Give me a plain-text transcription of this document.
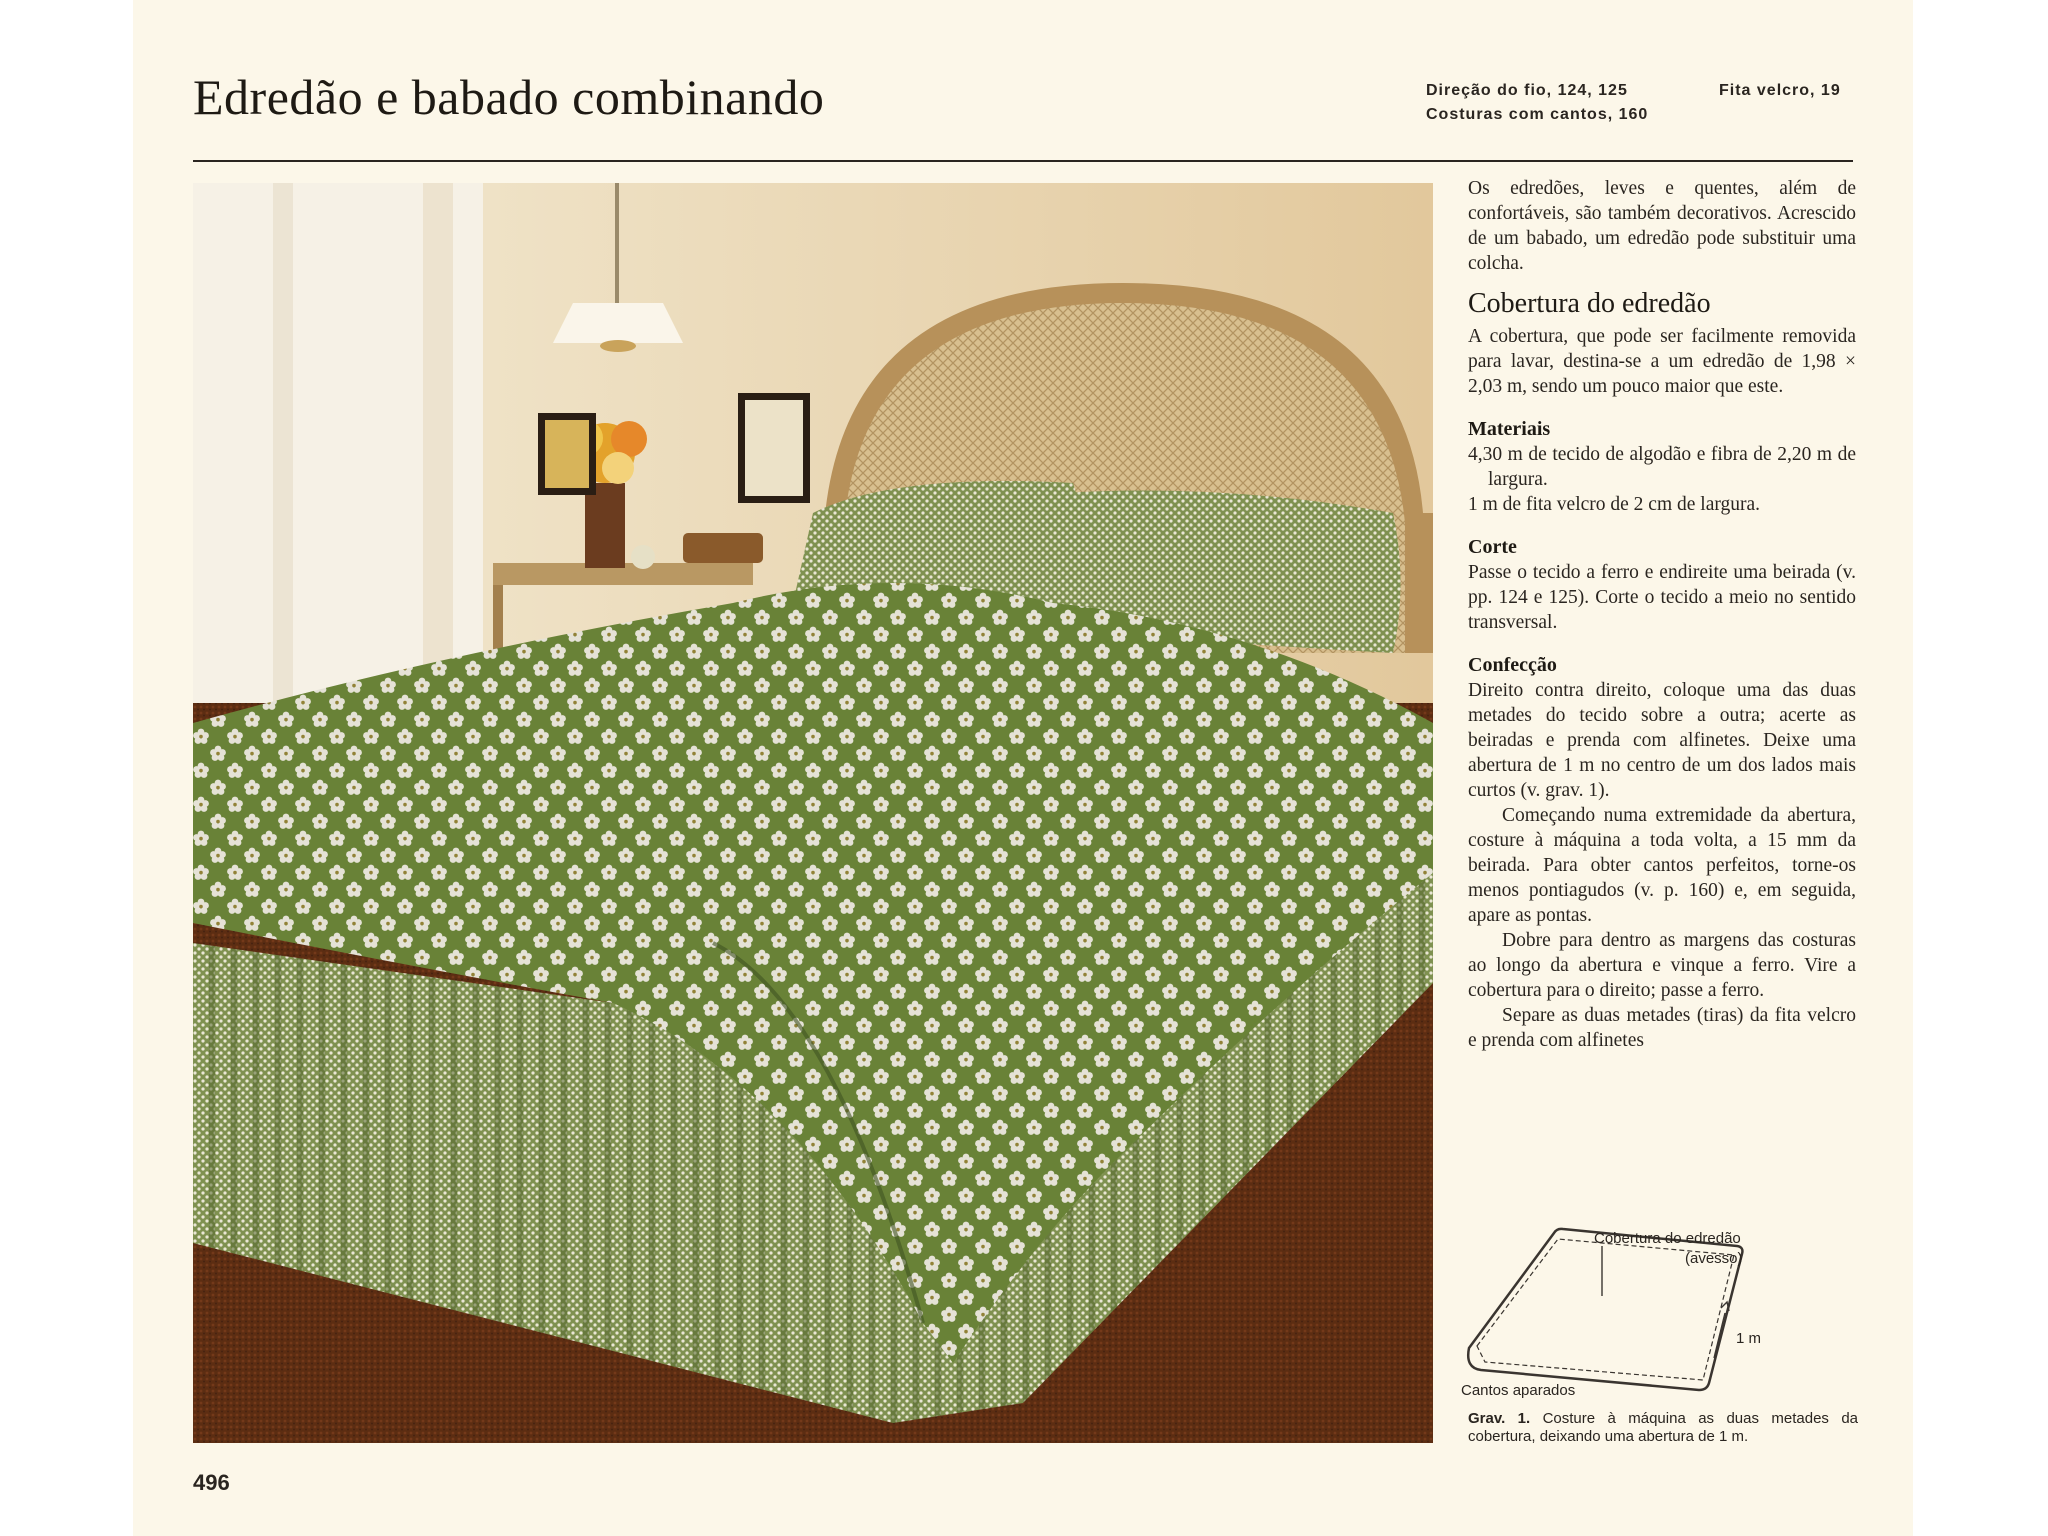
Edredão e babado combinando	Direção do fio, 124, 125
Costuras com cantos, 160
Fita velcro, 19

Os edredões, leves e quentes, além de confortáveis, são também decorativos. Acrescido de um babado, um edredão pode substituir uma colcha.

Cobertura do edredão

A cobertura, que pode ser facilmente removida para lavar, destina-se a um edredão de 1,98 × 2,03 m, sendo um pouco maior que este.

Materiais

4,30 m de tecido de algodão e fibra de 2,20 m de largura.

1 m de fita velcro de 2 cm de largura.

Corte

Passe o tecido a ferro e endireite uma beirada (v. pp. 124 e 125). Corte o tecido a meio no sentido transversal.

Confecção

Direito contra direito, coloque uma das duas metades do tecido sobre a outra; acerte as beiradas e prenda com alfinetes. Deixe uma abertura de 1 m no centro de um dos lados mais curtos (v. grav. 1).

Começando numa extremidade da abertura, costure à máquina a toda volta, a 15 mm da beirada. Para obter cantos perfeitos, torne-os menos pontiagudos (v. p. 160) e, em seguida, apare as pontas.

Dobre para dentro as margens das costuras ao longo da abertura e vinque a ferro. Vire a cobertura para o direito; passe a ferro.

Separe as duas metades (tiras) da fita velcro e prenda com alfinetes

Cobertura do edredão
(avesso)
1 m
Cantos aparados
Grav. 1. Costure à máquina as duas metades da cobertura, deixando uma abertura de 1 m.
496
